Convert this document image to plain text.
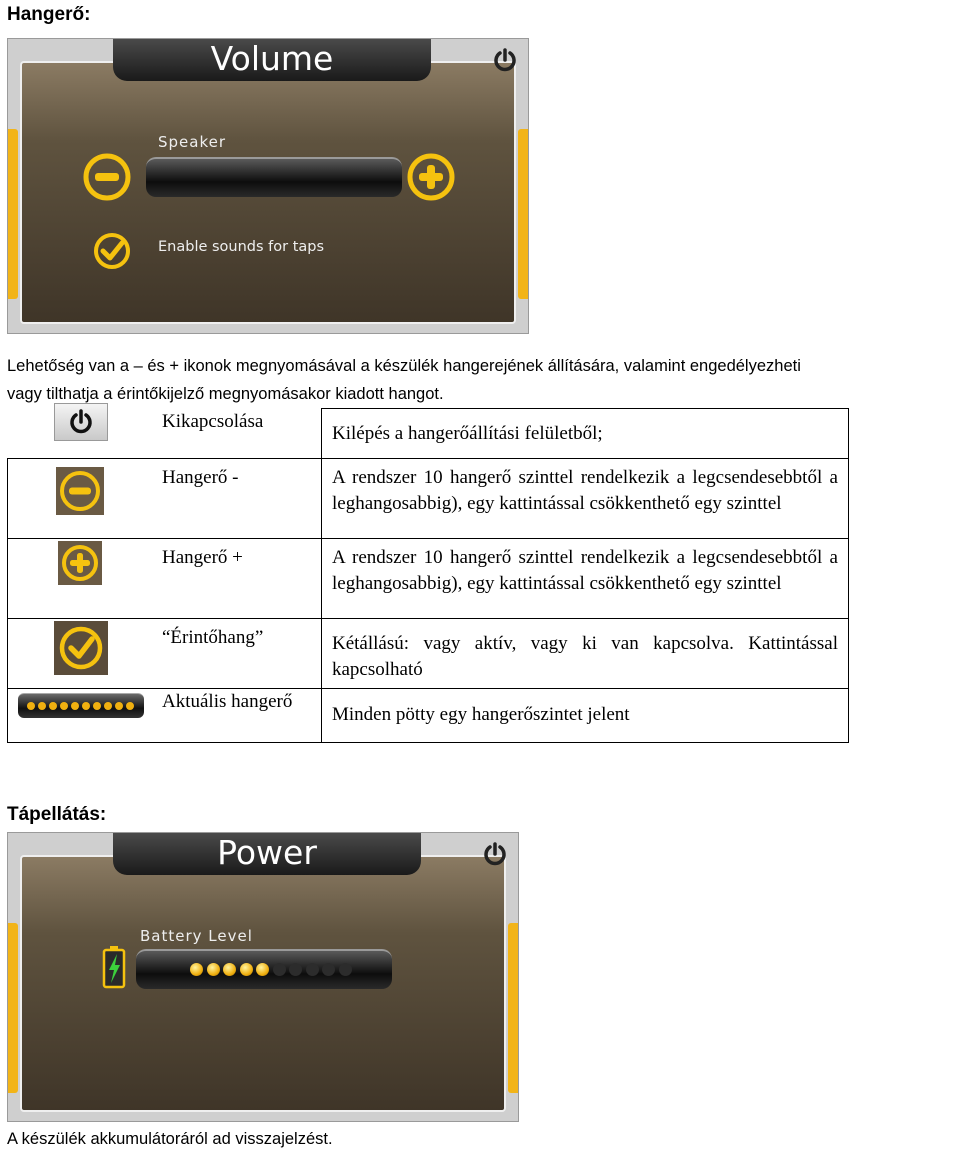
Hangerő:
Speaker
Enable sounds for taps
Volume
Lehetőség van a – és + ikonok megnyomásával a készülék hangerejének állítására, valamint engedélyezheti
vagy tilthatja a érintőkijelző megnyomásakor kiadott hangot.
	Kikapcsolása	Kilépés a hangerőállítási felületből;

	Hangerő -	A rendszer 10 hangerő szinttel rendelkezik a legcsendesebbtől a leghangosabbig), egy kattintással csökkenthető egy szinttel

	Hangerő +	A rendszer 10 hangerő szinttel rendelkezik a legcsendesebbtől a leghangosabbig), egy kattintással csökkenthető egy szinttel

	“Érintőhang”	Kétállású: vagy aktív, vagy ki van kapcsolva. Kattintással kapcsolható

	Aktuális hangerő	Minden pötty egy hangerőszintet jelent
Tápellátás:
Battery Level
Power
A készülék akkumulátoráról ad visszajelzést.
